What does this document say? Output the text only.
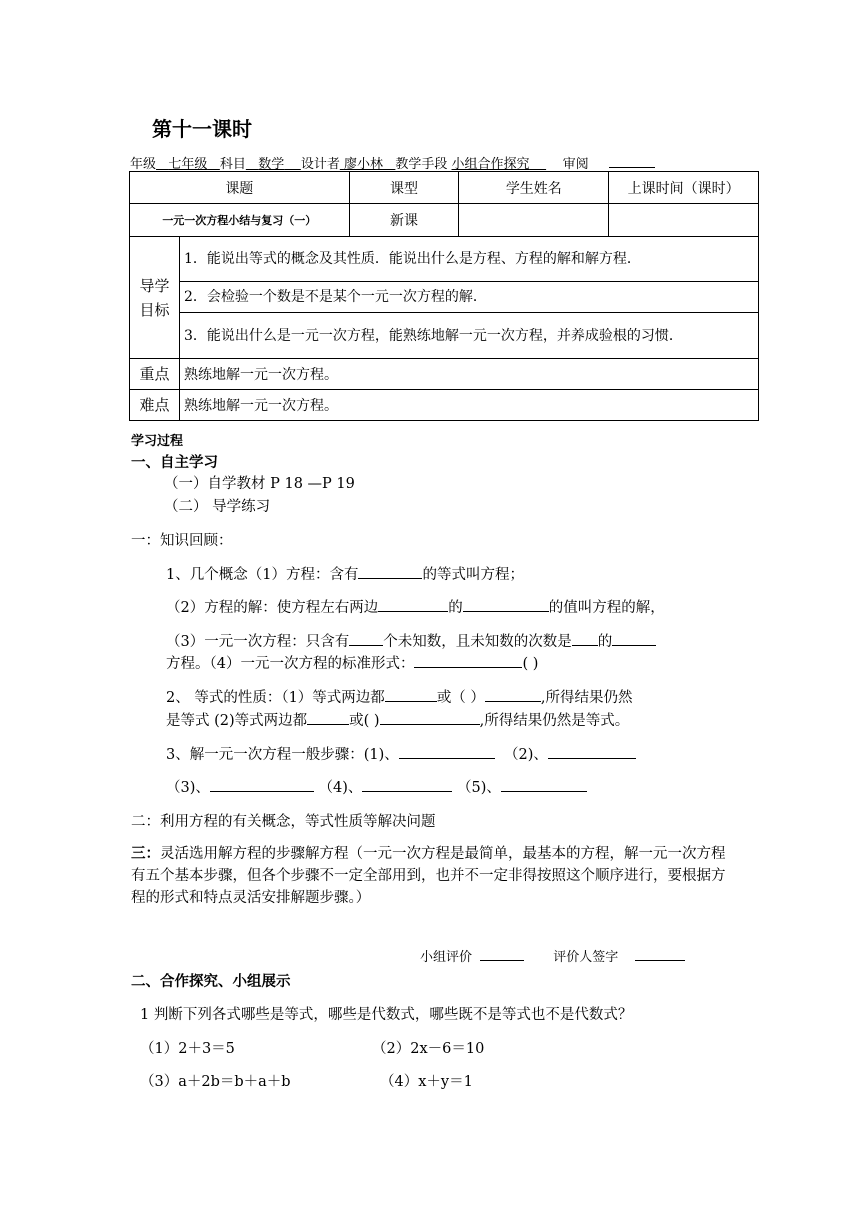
第十一课时
年级 七年级 科目 数学 设计者 廖小林 教学手段 小组合作探究	审阅
课题		课型	学生姓名	上课时间（课时）
一元一次方程小结与复习（一）		新课		
导学
目标	1．能说出等式的概念及其性质．能说出什么是方程、方程的解和解方程．			
	2．会检验一个数是不是某个一元一次方程的解．			
	3．能说出什么是一元一次方程，能熟练地解一元一次方程，并养成验根的习惯．			
重点	熟练地解一元一次方程。			
难点	熟练地解一元一次方程。			
学习过程
一、自主学习
（一）自学教材 P 18 —P 19
（二） 导学练习
一：知识回顾：
1、几个概念（1）方程：含有	的等式叫方程；
（2）方程的解：使方程左右两边	的	的值叫方程的解，
（3）一元一次方程：只含有 个未知数，且未知数的次数是 的
方程。（4）一元一次方程的标准形式：	( )
2、 等式的性质：（1）等式两边都	或（ ）	,所得结果仍然
是等式 (2)等式两边都	或( )	,所得结果仍然是等式。
3、解一元一次方程一般步骤：(1)、	（2)、
（3)、	（4)、	（5)、
二：利用方程的有关概念，等式性质等解决问题
三：灵活选用解方程的步骤解方程（一元一次方程是最简单，最基本的方程，解一元一次方程有五个基本步骤，但各个步骤不一定全部用到，也并不一定非得按照这个顺序进行，要根据方程的形式和特点灵活安排解题步骤。）
小组评价	评价人签字
二、合作探究、小组展示
1 判断下列各式哪些是等式，哪些是代数式，哪些既不是等式也不是代数式？
（1）2＋3＝5	（2）2x－6＝10
（3）a＋2b＝b＋a＋b	（4）x＋y＝1
